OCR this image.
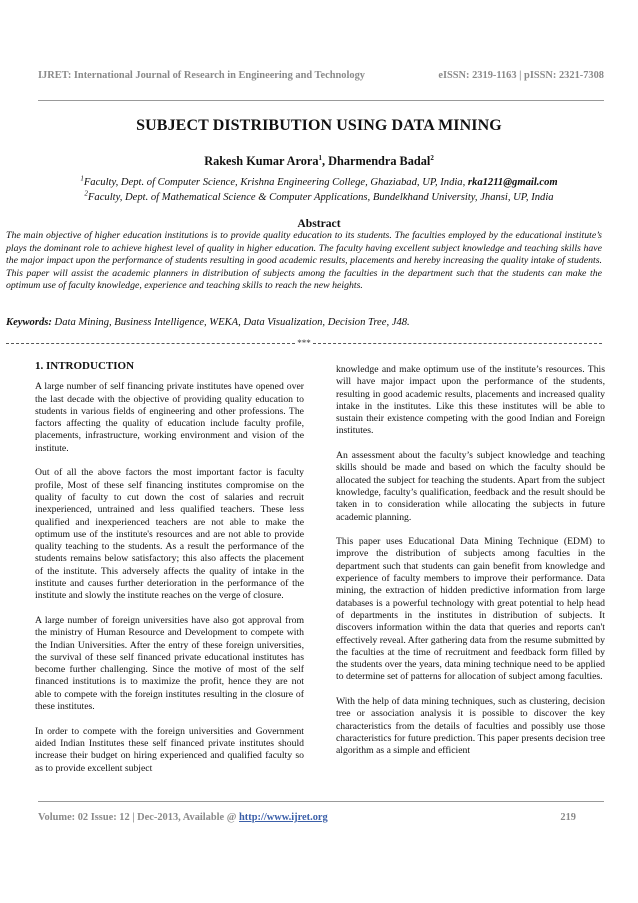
IJRET: International Journal of Research in Engineering and Technology	eISSN: 2319-1163 | pISSN: 2321-7308
SUBJECT DISTRIBUTION USING DATA MINING
Rakesh Kumar Arora$^1$, Dharmendra Badal$^2$
$^1$Faculty, Dept. of Computer Science, Krishna Engineering College, Ghaziabad, UP, India, rka1211@gmail.com
$^2$Faculty, Dept. of Mathematical Science & Computer Applications, Bundelkhand University, Jhansi, UP, India
Abstract
The main objective of higher education institutions is to provide quality education to its students. The faculties employed by the educational institute’s plays the dominant role to achieve highest level of quality in higher education. The faculty having excellent subject knowledge and teaching skills have the major impact upon the performance of students resulting in good academic results, placements and hereby increasing the quality intake of students. This paper will assist the academic planners in distribution of subjects among the faculties in the department such that the students can make the optimum use of faculty knowledge, experience and teaching skills to reach the new heights.
Keywords: Data Mining, Business Intelligence, WEKA, Data Visualization, Decision Tree, J48.
***
1. INTRODUCTION

A large number of self financing private institutes have opened over the last decade with the objective of providing quality education to students in various fields of engineering and other professions. The factors affecting the quality of education include faculty profile, placements, infrastructure, working environment and vision of the institute.

Out of all the above factors the most important factor is faculty profile, Most of these self financing institutes compromise on the quality of faculty to cut down the cost of salaries and recruit inexperienced, untrained and less qualified teachers. These less qualified and inexperienced teachers are not able to make the optimum use of the institute's resources and are not able to provide quality teaching to the students. As a result the performance of the students remains below satisfactory; this also affects the placement of the institute. This adversely affects the quality of intake in the institute and causes further deterioration in the performance of the institute and slowly the institute reaches on the verge of closure.

A large number of foreign universities have also got approval from the ministry of Human Resource and Development to compete with the Indian Universities. After the entry of these foreign universities, the survival of these self financed private educational institutes has become further challenging. Since the motive of most of the self financed institutions is to maximize the profit, hence they are not able to compete with the foreign institutes resulting in the closure of these institutes.

In order to compete with the foreign universities and Government aided Indian Institutes these self financed private institutes should increase their budget on hiring experienced and qualified faculty so as to provide excellent subject

knowledge and make optimum use of the institute’s resources. This will have major impact upon the performance of the students, resulting in good academic results, placements and increased quality intake in the institutes. Like this these institutes will be able to sustain their existence competing with the good Indian and Foreign institutes.

An assessment about the faculty’s subject knowledge and teaching skills should be made and based on which the faculty should be allocated the subject for teaching the students. Apart from the subject knowledge, faculty’s qualification, feedback and the result should be taken in to consideration while allocating the subjects in future academic planning.

This paper uses Educational Data Mining Technique (EDM) to improve the distribution of subjects among faculties in the department such that students can gain benefit from knowledge and experience of faculty members to improve their performance. Data mining, the extraction of hidden predictive information from large databases is a powerful technology with great potential to help head of departments in the institutes in distribution of subjects. It discovers information within the data that queries and reports can't effectively reveal. After gathering data from the resume submitted by the faculties at the time of recruitment and feedback form filled by the students over the years, data mining technique need to be applied to determine set of patterns for allocation of subject among faculties.

With the help of data mining techniques, such as clustering, decision tree or association analysis it is possible to discover the key characteristics from the details of faculties and possibly use those characteristics for future prediction. This paper presents decision tree algorithm as a simple and efficient

Volume: 02 Issue: 12 | Dec-2013, Available @ http://www.ijret.org	219
